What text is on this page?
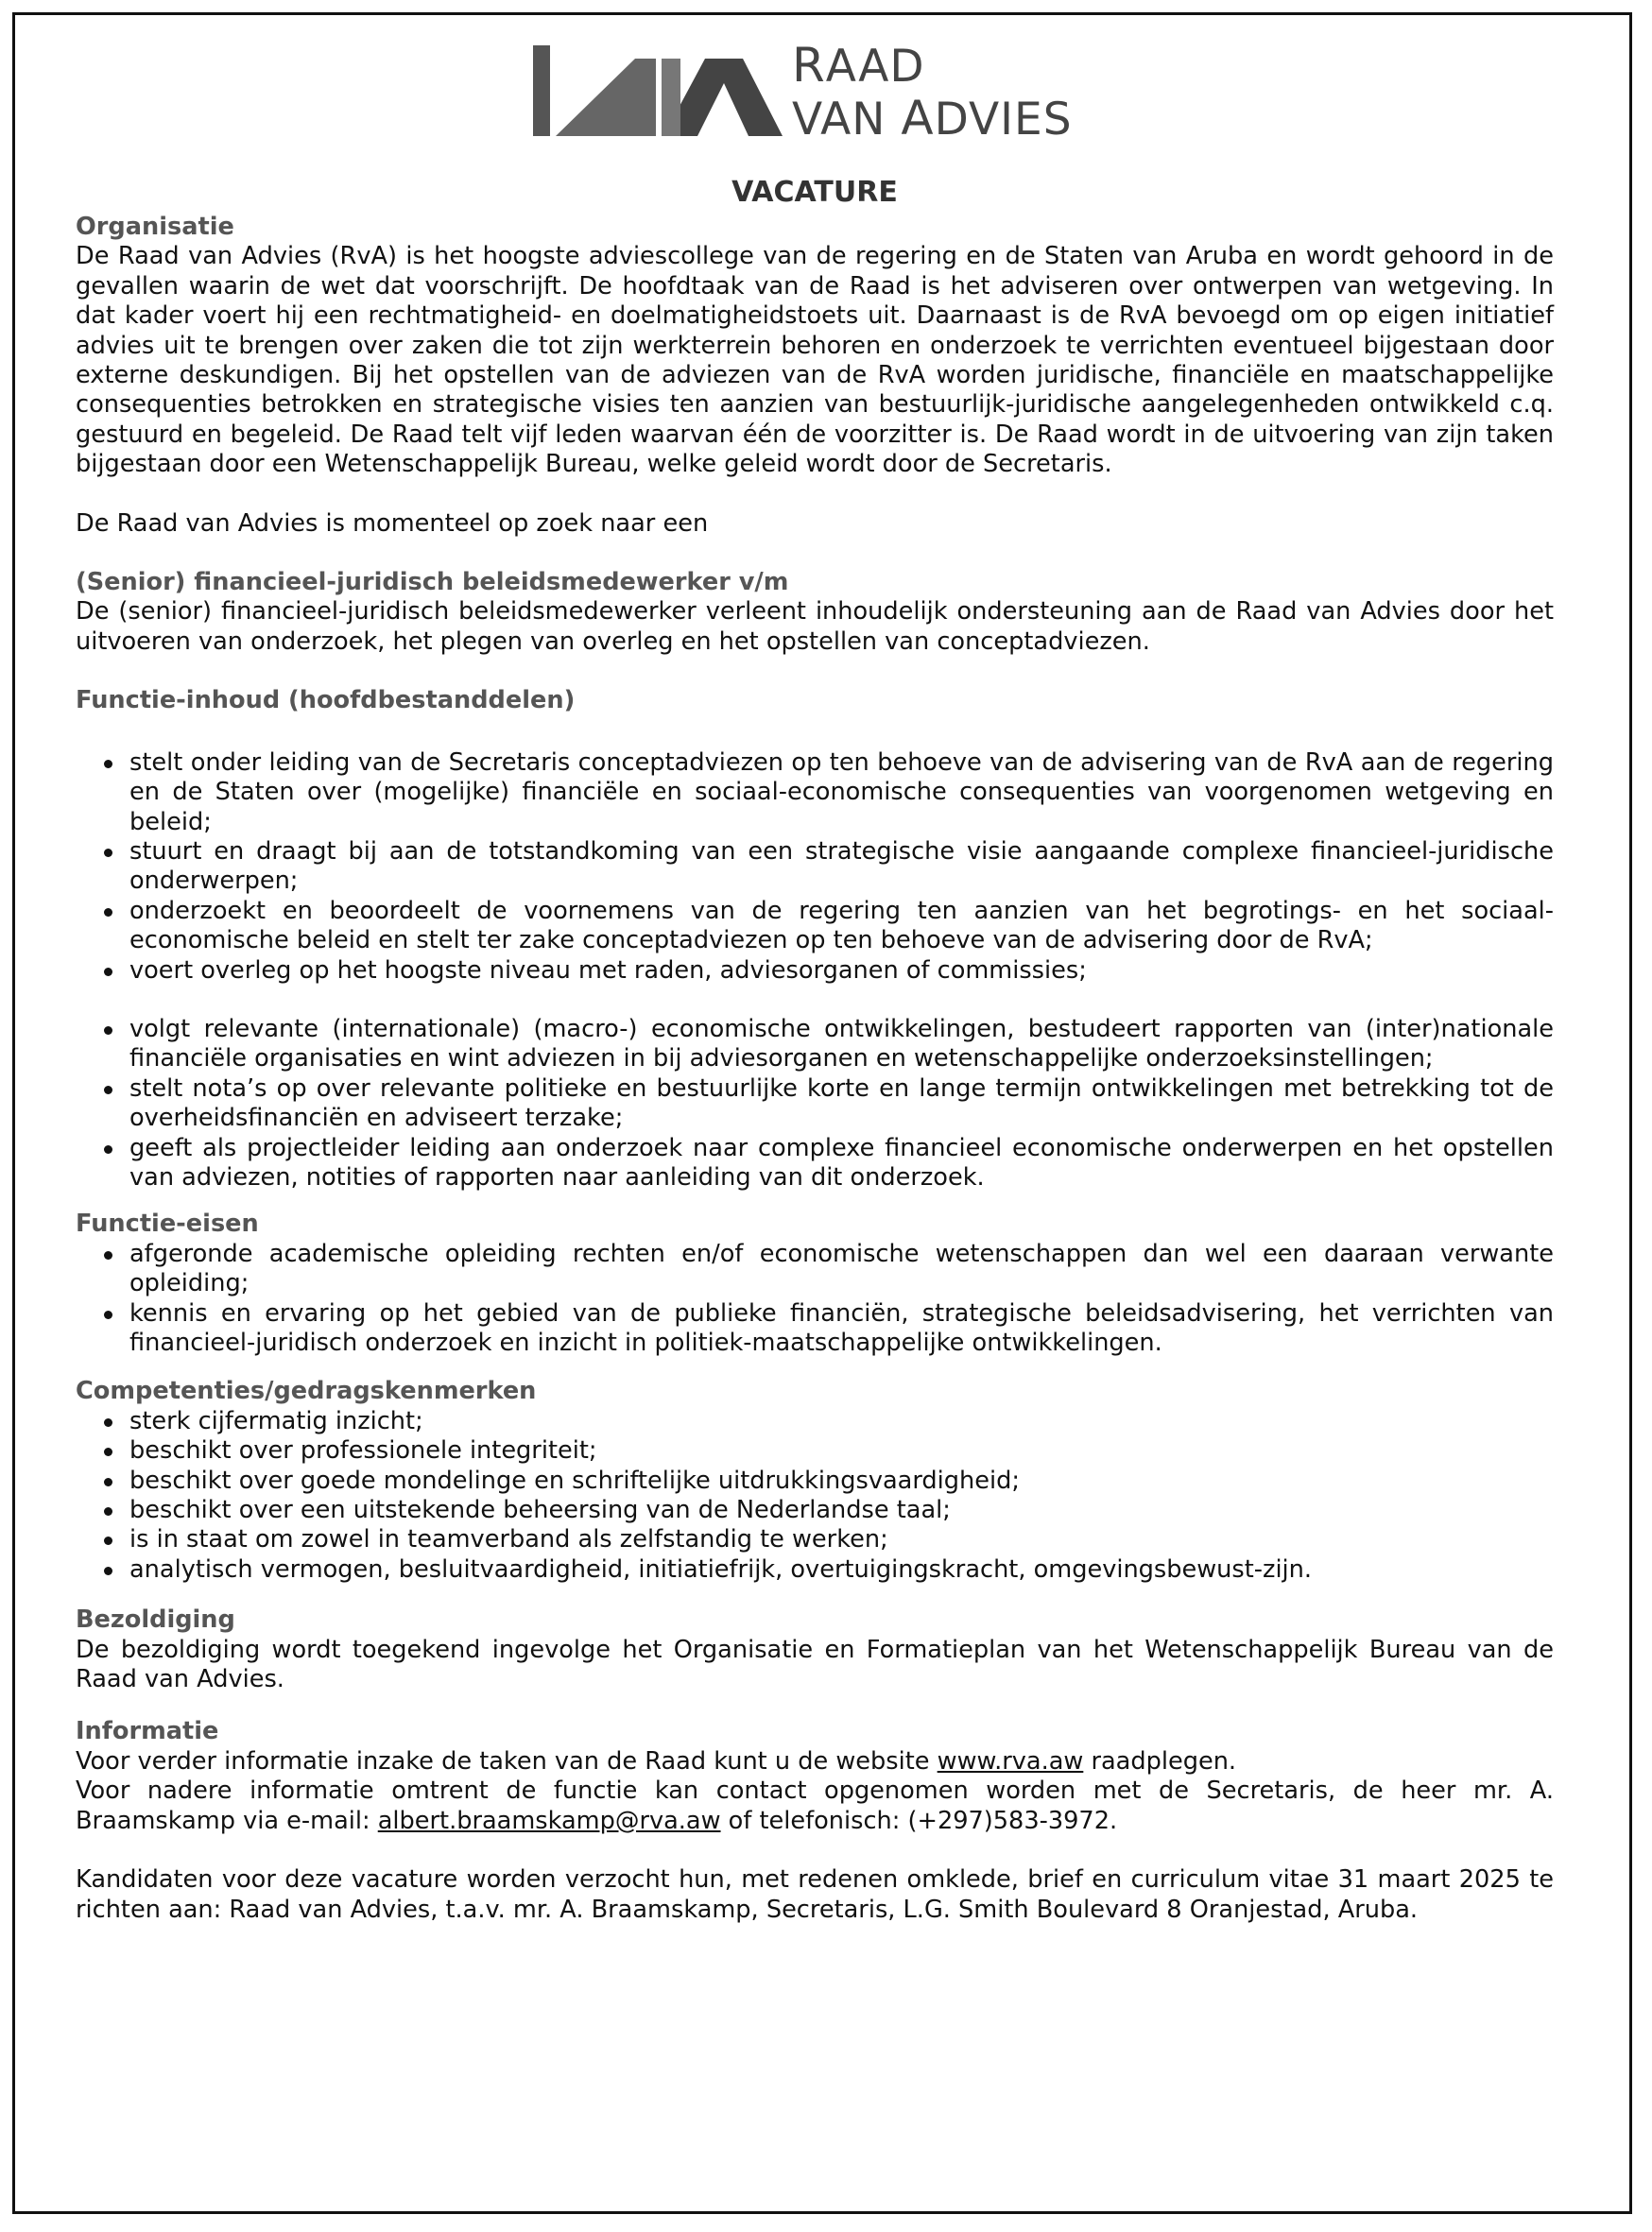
RAAD
VAN ADVIES
VACATURE
Organisatie

De Raad van Advies (RvA) is het hoogste adviescollege van de regering en de Staten van Aruba en wordt gehoord in de gevallen waarin de wet dat voorschrijft. De hoofdtaak van de Raad is het adviseren over ontwerpen van wetgeving. In dat kader voert hij een rechtmatigheid- en doelmatigheidstoets uit. Daarnaast is de RvA bevoegd om op eigen initiatief advies uit te brengen over zaken die tot zijn werkterrein behoren en onderzoek te verrichten eventueel bijgestaan door externe deskundigen. Bij het opstellen van de adviezen van de RvA worden juridische, financiële en maatschappelijke consequenties betrokken en strategische visies ten aanzien van bestuurlijk-juridische aangelegenheden ontwikkeld c.q. gestuurd en begeleid. De Raad telt vijf leden waarvan één de voorzitter is. De Raad wordt in de uitvoering van zijn taken bijgestaan door een Wetenschappelijk Bureau, welke geleid wordt door de Secretaris.

De Raad van Advies is momenteel op zoek naar een

(Senior) financieel-juridisch beleidsmedewerker v/m

De (senior) financieel-juridisch beleidsmedewerker verleent inhoudelijk ondersteuning aan de Raad van Advies door het uitvoeren van onderzoek, het plegen van overleg en het opstellen van conceptadviezen.

Functie-inhoud (hoofdbestanddelen)
stelt onder leiding van de Secretaris conceptadviezen op ten behoeve van de advisering van de RvA aan de regering en de Staten over (mogelijke) financiële en sociaal-economische consequenties van voorgenomen wetgeving en beleid;
stuurt en draagt bij aan de totstandkoming van een strategische visie aangaande complexe financieel-juridische onderwerpen;
onderzoekt en beoordeelt de voornemens van de regering ten aanzien van het begrotings- en het sociaal-economische beleid en stelt ter zake conceptadviezen op ten behoeve van de advisering door de RvA;
voert overleg op het hoogste niveau met raden, adviesorganen of commissies;
volgt relevante (internationale) (macro-) economische ontwikkelingen, bestudeert rapporten van (inter)nationale financiële organisaties en wint adviezen in bij adviesorganen en wetenschappelijke onderzoeksinstellingen;
stelt nota’s op over relevante politieke en bestuurlijke korte en lange termijn ontwikkelingen met betrekking tot de overheidsfinanciën en adviseert terzake;
geeft als projectleider leiding aan onderzoek naar complexe financieel economische onderwerpen en het opstellen van adviezen, notities of rapporten naar aanleiding van dit onderzoek.
Functie-eisen
afgeronde academische opleiding rechten en/of economische wetenschappen dan wel een daaraan verwante opleiding;
kennis en ervaring op het gebied van de publieke financiën, strategische beleidsadvisering, het verrichten van financieel-juridisch onderzoek en inzicht in politiek-maatschappelijke ontwikkelingen.
Competenties/gedragskenmerken
sterk cijfermatig inzicht;
beschikt over professionele integriteit;
beschikt over goede mondelinge en schriftelijke uitdrukkingsvaardigheid;
beschikt over een uitstekende beheersing van de Nederlandse taal;
is in staat om zowel in teamverband als zelfstandig te werken;
analytisch vermogen, besluitvaardigheid, initiatiefrijk, overtuigingskracht, omgevingsbewust-zijn.
Bezoldiging

De bezoldiging wordt toegekend ingevolge het Organisatie en Formatieplan van het Wetenschappelijk Bureau van de Raad van Advies.

Informatie

Voor verder informatie inzake de taken van de Raad kunt u de website www.rva.aw raadplegen.

Voor nadere informatie omtrent de functie kan contact opgenomen worden met de Secretaris, de heer mr. A. Braamskamp via e-mail: albert.braamskamp@rva.aw of telefonisch: (+297)583-3972.

Kandidaten voor deze vacature worden verzocht hun, met redenen omklede, brief en curriculum vitae 31 maart 2025 te richten aan: Raad van Advies, t.a.v. mr. A. Braamskamp, Secretaris, L.G. Smith Boulevard 8 Oranjestad, Aruba.
